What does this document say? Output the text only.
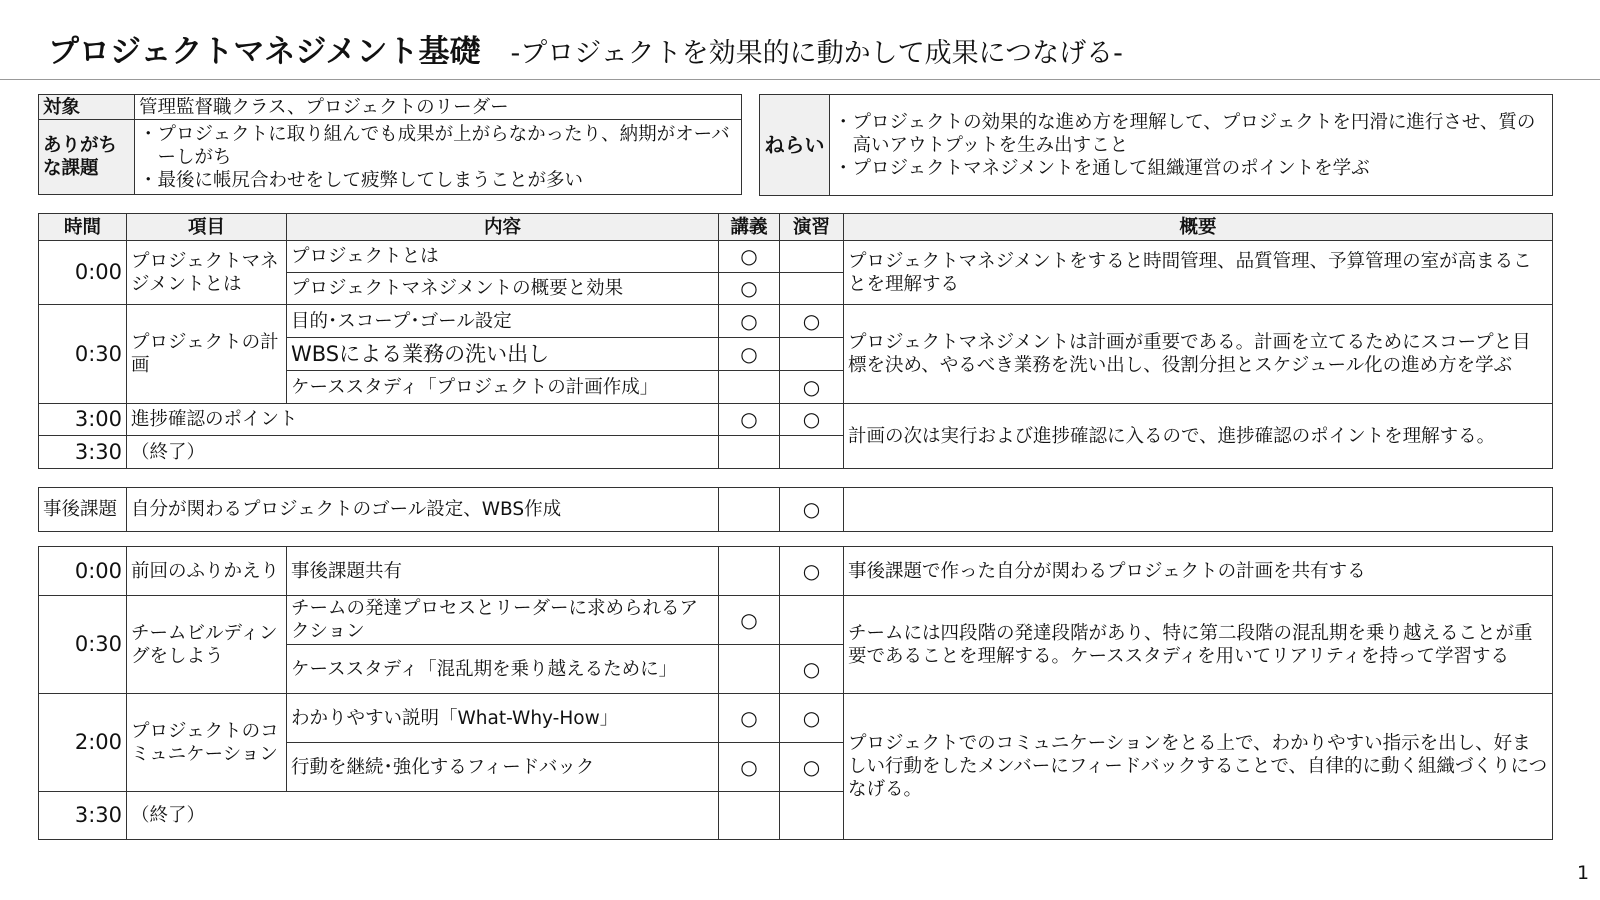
プロジェクトマネジメント基礎 -プロジェクトを効果的に動かして成果につなげる-
対象	管理監督職クラス、プロジェクトのリーダー
ありがちな課題	・プロジェクトに取り組んでも成果が上がらなかったり、納期がオーバーしがち
・最後に帳尻合わせをして疲弊してしまうことが多い
ねらい	
・プロジェクトの効果的な進め方を理解して、プロジェクトを円滑に進行させ、質の高いアウトプットを生み出すこと
・プロジェクトマネジメントを通して組織運営のポイントを学ぶ
時間	項目	内容	講義	演習	概要
0:00	プロジェクトマネジメントとは	プロジェクトとは	○		プロジェクトマネジメントをすると時間管理、品質管理、予算管理の室が高まることを理解する
		プロジェクトマネジメントの概要と効果	○		
0:30	プロジェクトの計画	目的･スコープ･ゴール設定	○	○	プロジェクトマネジメントは計画が重要である。計画を立てるためにスコープと目標を決め、やるべき業務を洗い出し、役割分担とスケジュール化の進め方を学ぶ
		WBSによる業務の洗い出し	○		
		ケーススタディ「プロジェクトの計画作成」		○	
3:00	進捗確認のポイント		○	○	計画の次は実行および進捗確認に入るので、進捗確認のポイントを理解する。
3:30	（終了）				
事後課題	自分が関わるプロジェクトのゴール設定、WBS作成		○	
0:00	前回のふりかえり	事後課題共有		○	事後課題で作った自分が関わるプロジェクトの計画を共有する
0:30	チームビルディングをしよう	チームの発達プロセスとリーダーに求められるアクション	○		チームには四段階の発達段階があり、特に第二段階の混乱期を乗り越えることが重要であることを理解する。ケーススタディを用いてリアリティを持って学習する
		ケーススタディ「混乱期を乗り越えるために」		○	
2:00	プロジェクトのコミュニケーション	わかりやすい説明「What-Why-How」	○	○	プロジェクトでのコミュニケーションをとる上で、わかりやすい指示を出し、好ましい行動をしたメンバーにフィードバックすることで、自律的に動く組織づくりにつなげる。
		行動を継続･強化するフィードバック	○	○	
3:30	（終了）				
1
